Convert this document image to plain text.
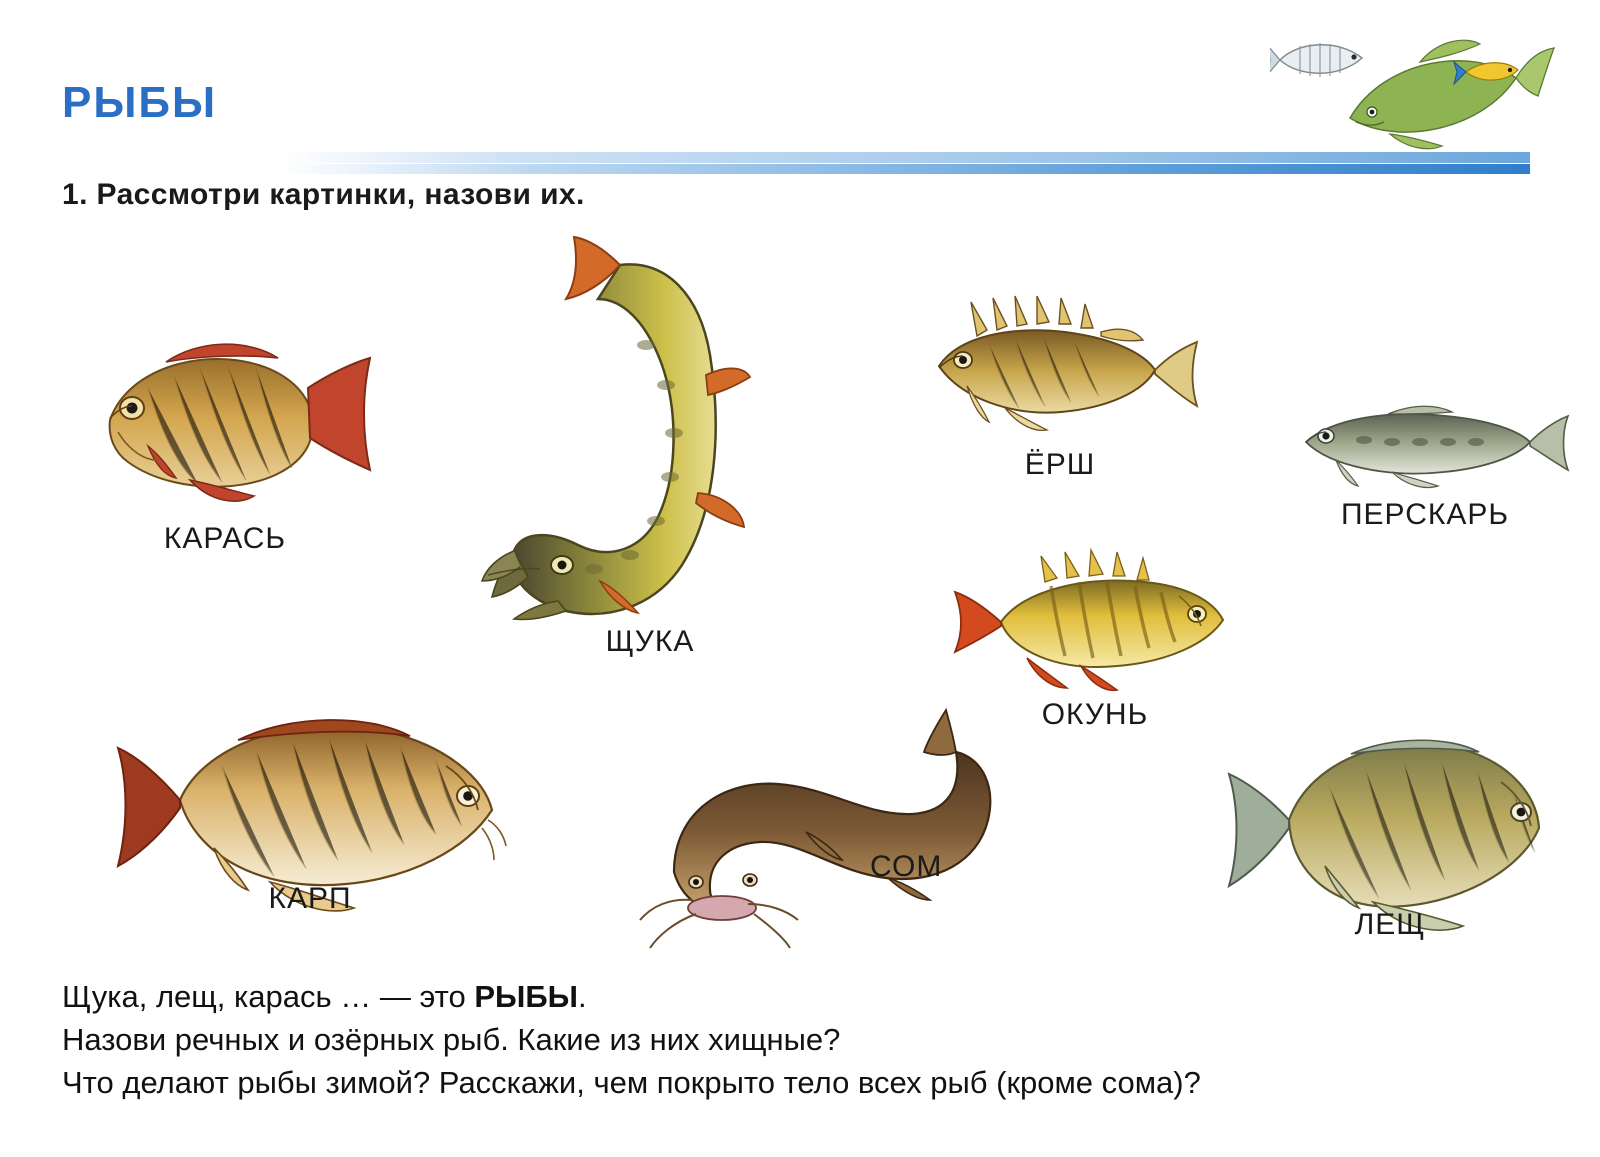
РЫБЫ
1. Рассмотри картинки, назови их.
КАРАСЬ
ЩУКА
ЁРШ
ПЕРСКАРЬ
ОКУНЬ
КАРП
СОМ
ЛЕЩ
Щука, лещ, карась … — это РЫБЫ.
Назови речных и озёрных рыб. Какие из них хищные?
Что делают рыбы зимой? Расскажи, чем покрыто тело всех рыб (кроме сома)?
